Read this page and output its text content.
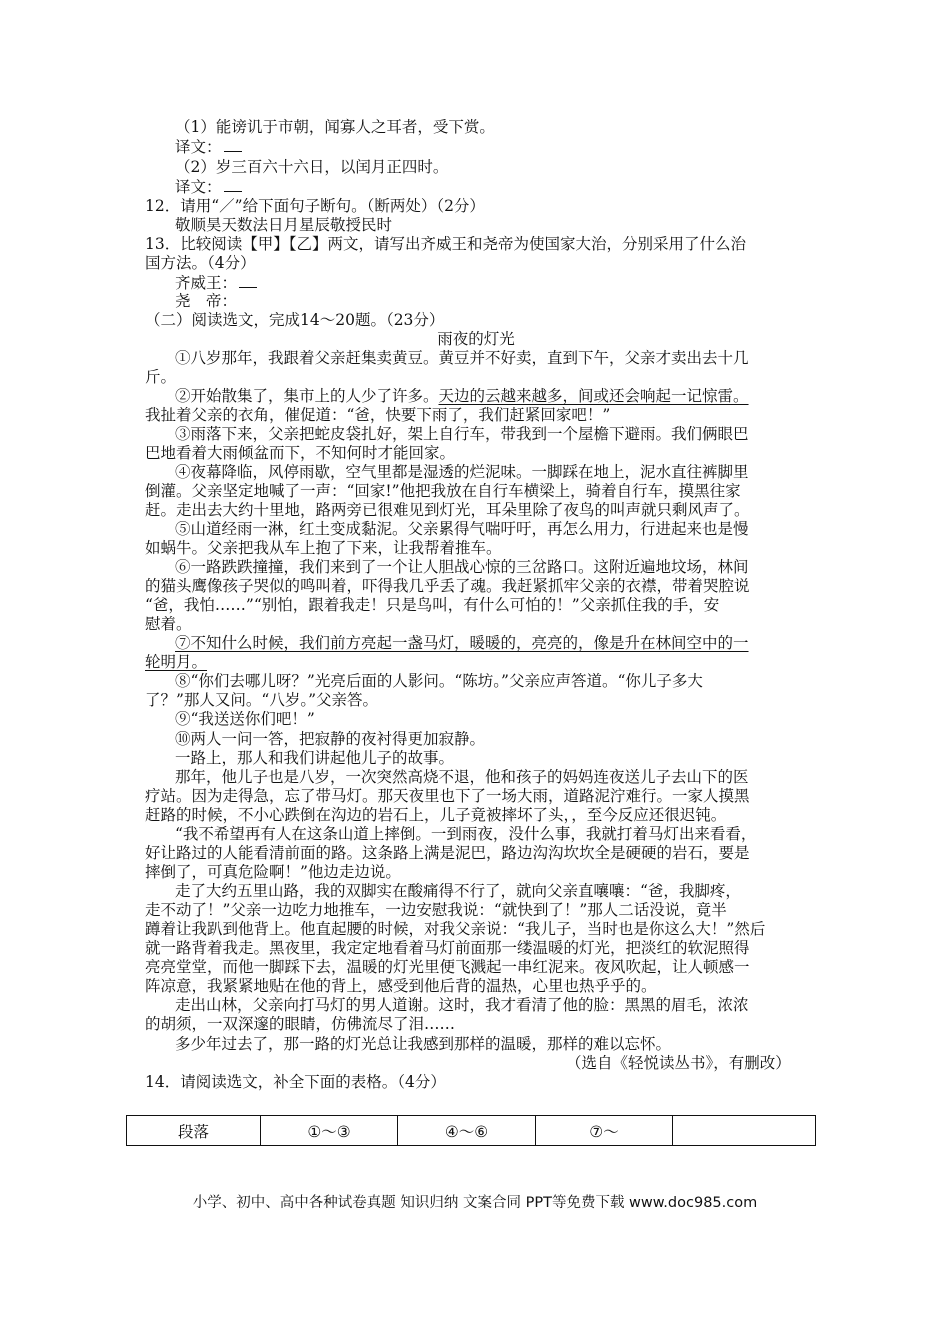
（1）能谤讥于市朝，闻寡人之耳者，受下赏。
译文：
（2）岁三百六十六日，以闰月正四时。
译文：
12．请用“／”给下面句子断句。（断两处）（2分）
敬顺昊天数法日月星辰敬授民时
13．比较阅读【甲】【乙】两文，请写出齐威王和尧帝为使国家大治，分别采用了什么治
国方法。（4分）
齐威王：
尧　帝：
（二）阅读选文，完成14～20题。（23分）
雨夜的灯光
①八岁那年，我跟着父亲赶集卖黄豆。黄豆并不好卖，直到下午，父亲才卖出去十几
斤。
②开始散集了，集市上的人少了许多。天边的云越来越多，间或还会响起一记惊雷。
我扯着父亲的衣角，催促道：“爸，快要下雨了，我们赶紧回家吧！”
③雨落下来，父亲把蛇皮袋扎好，架上自行车，带我到一个屋檐下避雨。我们俩眼巴
巴地看着大雨倾盆而下，不知何时才能回家。
④夜幕降临，风停雨歇，空气里都是湿透的烂泥味。一脚踩在地上，泥水直往裤脚里
倒灌。父亲坚定地喊了一声：“回家!”他把我放在自行车横梁上，骑着自行车，摸黑往家
赶。走出去大约十里地，路两旁已很难见到灯光，耳朵里除了夜鸟的叫声就只剩风声了。
⑤山道经雨一淋，红土变成黏泥。父亲累得气喘吁吁，再怎么用力，行进起来也是慢
如蜗牛。父亲把我从车上抱了下来，让我帮着推车。
⑥一路跌跌撞撞，我们来到了一个让人胆战心惊的三岔路口。这附近遍地坟场，林间
的猫头鹰像孩子哭似的鸣叫着，吓得我几乎丢了魂。我赶紧抓牢父亲的衣襟，带着哭腔说
“爸，我怕……”“别怕，跟着我走！只是鸟叫，有什么可怕的！”父亲抓住我的手，安
慰着。
⑦不知什么时候，我们前方亮起一盏马灯，暖暖的，亮亮的，像是升在林间空中的一
轮明月。
⑧“你们去哪儿呀？”光亮后面的人影问。“陈坊。”父亲应声答道。“你儿子多大
了？”那人又问。“八岁。”父亲答。
⑨“我送送你们吧！”
⑩两人一问一答，把寂静的夜衬得更加寂静。
一路上，那人和我们讲起他儿子的故事。
那年，他儿子也是八岁，一次突然高烧不退，他和孩子的妈妈连夜送儿子去山下的医
疗站。因为走得急，忘了带马灯。那天夜里也下了一场大雨，道路泥泞难行。一家人摸黑
赶路的时候，不小心跌倒在沟边的岩石上，儿子竟被摔坏了头，，至今反应还很迟钝。
“我不希望再有人在这条山道上摔倒。一到雨夜，没什么事，我就打着马灯出来看看，
好让路过的人能看清前面的路。这条路上满是泥巴，路边沟沟坎坎全是硬硬的岩石，要是
摔倒了，可真危险啊！”他边走边说。
走了大约五里山路，我的双脚实在酸痛得不行了，就向父亲直嚷嚷：“爸，我脚疼，
走不动了！”父亲一边吃力地推车，一边安慰我说：“就快到了！”那人二话没说，竟半
蹲着让我趴到他背上。他直起腰的时候，对我父亲说：“我儿子，当时也是你这么大！”然后
就一路背着我走。黑夜里，我定定地看着马灯前面那一缕温暖的灯光，把淡红的软泥照得
亮亮堂堂，而他一脚踩下去，温暖的灯光里便飞溅起一串红泥来。夜风吹起，让人顿感一
阵凉意，我紧紧地贴在他的背上，感受到他后背的温热，心里也热乎乎的。
走出山林，父亲向打马灯的男人道谢。这时，我才看清了他的脸：黑黑的眉毛，浓浓
的胡须，一双深邃的眼睛，仿佛流尽了泪……
多少年过去了，那一路的灯光总让我感到那样的温暖，那样的难以忘怀。
（选自《轻悦读丛书》，有删改）
14．请阅读选文，补全下面的表格。（4分）
段落	①～③	④～⑥	⑦～	
小学、初中、高中各种试卷真题 知识归纳 文案合同 PPT等免费下载 www.doc985.com
